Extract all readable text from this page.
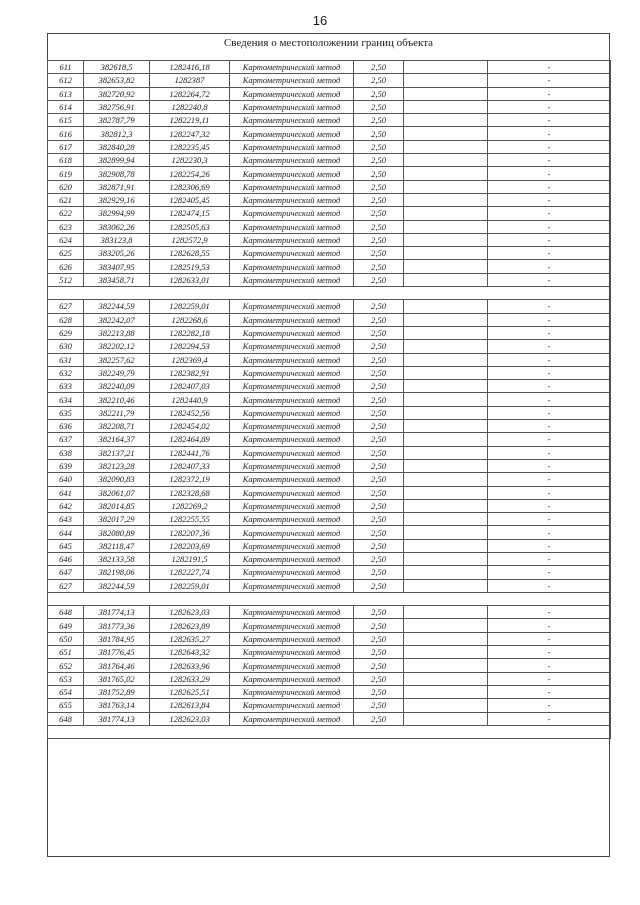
16
Сведения о местоположении границ объекта
611	382618,5	1282416,18	Картометрический метод	2,50		-
612	382653,82	1282387	Картометрический метод	2,50		-
613	382720,92	1282264,72	Картометрический метод	2,50		-
614	382756,91	1282240,8	Картометрический метод	2,50		-
615	382787,79	1282219,11	Картометрический метод	2,50		-
616	382812,3	1282247,32	Картометрический метод	2,50		-
617	382840,28	1282235,45	Картометрический метод	2,50		-
618	382899,94	1282230,3	Картометрический метод	2,50		-
619	382908,78	1282254,26	Картометрический метод	2,50		-
620	382871,91	1282306,69	Картометрический метод	2,50		-
621	382929,16	1282405,45	Картометрический метод	2,50		-
622	382994,99	1282474,15	Картометрический метод	2,50		-
623	383062,26	1282505,63	Картометрический метод	2,50		-
624	383123,8	1282572,9	Картометрический метод	2,50		-
625	383205,26	1282628,55	Картометрический метод	2,50		-
626	383407,95	1282519,53	Картометрический метод	2,50		-
512	383458,71	1282633,01	Картометрический метод	2,50		-

627	382244,59	1282259,01	Картометрический метод	2,50		-
628	382242,07	1282268,6	Картометрический метод	2,50		-
629	382213,88	1282282,18	Картометрический метод	2,50		-
630	382202,12	1282294,53	Картометрический метод	2,50		-
631	382257,62	1282369,4	Картометрический метод	2,50		-
632	382249,79	1282382,91	Картометрический метод	2,50		-
633	382240,09	1282407,03	Картометрический метод	2,50		-
634	382210,46	1282440,9	Картометрический метод	2,50		-
635	382211,79	1282452,56	Картометрический метод	2,50		-
636	382208,71	1282454,02	Картометрический метод	2,50		-
637	382164,37	1282464,89	Картометрический метод	2,50		-
638	382137,21	1282441,76	Картометрический метод	2,50		-
639	382123,28	1282407,33	Картометрический метод	2,50		-
640	382090,83	1282372,19	Картометрический метод	2,50		-
641	382061,07	1282328,68	Картометрический метод	2,50		-
642	382014,85	1282269,2	Картометрический метод	2,50		-
643	382017,29	1282255,55	Картометрический метод	2,50		-
644	382080,89	1282207,36	Картометрический метод	2,50		-
645	382118,47	1282203,69	Картометрический метод	2,50		-
646	382133,58	1282191,5	Картометрический метод	2,50		-
647	382198,06	1282227,74	Картометрический метод	2,50		-
627	382244,59	1282259,01	Картометрический метод	2,50		-

648	381774,13	1282623,03	Картометрический метод	2,50		-
649	381773,36	1282623,89	Картометрический метод	2,50		-
650	381784,95	1282635,27	Картометрический метод	2,50		-
651	381776,45	1282643,32	Картометрический метод	2,50		-
652	381764,46	1282633,96	Картометрический метод	2,50		-
653	381765,02	1282633,29	Картометрический метод	2,50		-
654	381752,89	1282625,51	Картометрический метод	2,50		-
655	381763,14	1282613,84	Картометрический метод	2,50		-
648	381774,13	1282623,03	Картометрический метод	2,50		-
